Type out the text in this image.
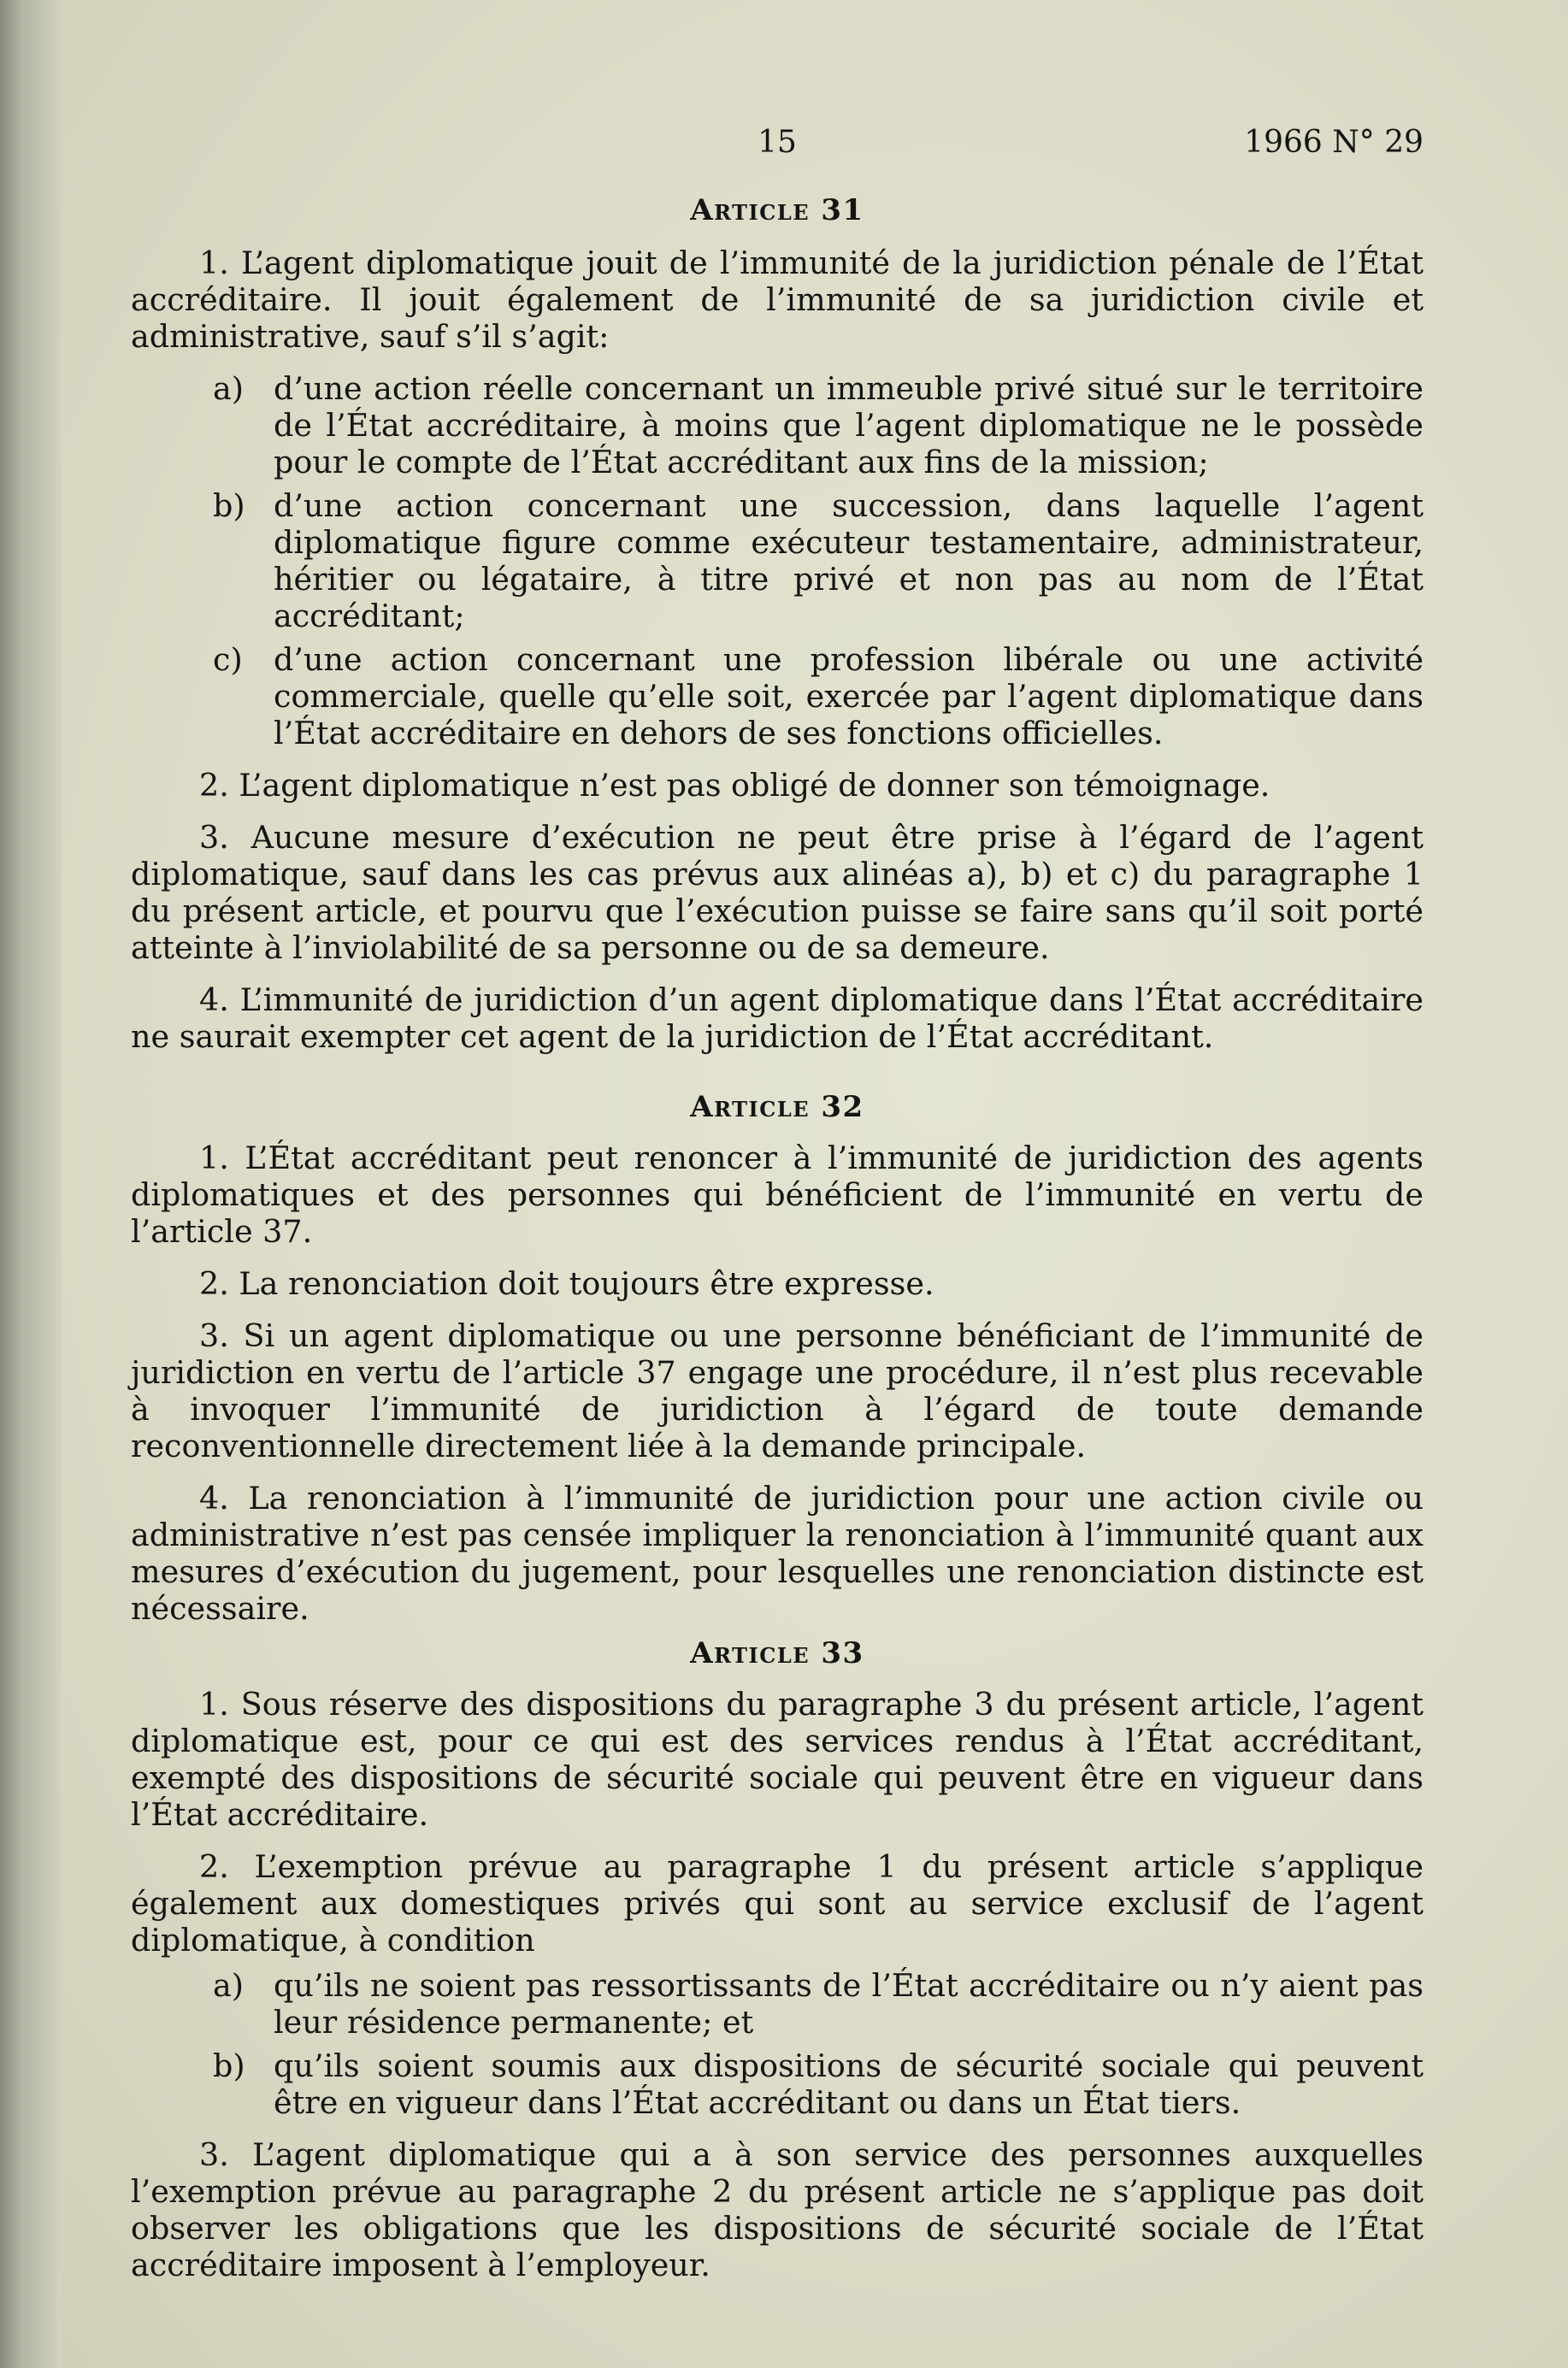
15	1966 N° 29
Article 31

1. L’agent diplomatique jouit de l’immunité de la juridiction pénale de l’État accréditaire. Il jouit également de l’immunité de sa juridiction civile et administrative, sauf s’il s’agit:

a) d’une action réelle concernant un immeuble privé situé sur le territoire de l’État accréditaire, à moins que l’agent diplomatique ne le possède pour le compte de l’État accréditant aux fins de la mission;
b) d’une action concernant une succession, dans laquelle l’agent diplomatique figure comme exécuteur testamentaire, administrateur, héritier ou légataire, à titre privé et non pas au nom de l’État accréditant;
c) d’une action concernant une profession libérale ou une activité commerciale, quelle qu’elle soit, exercée par l’agent diplomatique dans l’État accréditaire en dehors de ses fonctions officielles.

2. L’agent diplomatique n’est pas obligé de donner son témoignage.

3. Aucune mesure d’exécution ne peut être prise à l’égard de l’agent diplomatique, sauf dans les cas prévus aux alinéas a), b) et c) du paragraphe 1 du présent article, et pourvu que l’exécution puisse se faire sans qu’il soit porté atteinte à l’inviolabilité de sa personne ou de sa demeure.

4. L’immunité de juridiction d’un agent diplomatique dans l’État accréditaire ne saurait exempter cet agent de la juridiction de l’État accréditant.

Article 32

1. L’État accréditant peut renoncer à l’immunité de juridiction des agents diplomatiques et des personnes qui bénéficient de l’immunité en vertu de l’article 37.

2. La renonciation doit toujours être expresse.

3. Si un agent diplomatique ou une personne bénéficiant de l’immunité de juridiction en vertu de l’article 37 engage une procédure, il n’est plus recevable à invoquer l’immunité de juridiction à l’égard de toute demande reconventionnelle directement liée à la demande principale.

4. La renonciation à l’immunité de juridiction pour une action civile ou administrative n’est pas censée impliquer la renonciation à l’immunité quant aux mesures d’exécution du jugement, pour lesquelles une renonciation distincte est nécessaire.

Article 33

1. Sous réserve des dispositions du paragraphe 3 du présent article, l’agent diplomatique est, pour ce qui est des services rendus à l’État accréditant, exempté des dispositions de sécurité sociale qui peuvent être en vigueur dans l’État accréditaire.

2. L’exemption prévue au paragraphe 1 du présent article s’applique également aux domestiques privés qui sont au service exclusif de l’agent diplomatique, à condition

a) qu’ils ne soient pas ressortissants de l’État accréditaire ou n’y aient pas leur résidence permanente; et
b) qu’ils soient soumis aux dispositions de sécurité sociale qui peuvent être en vigueur dans l’État accréditant ou dans un État tiers.

3. L’agent diplomatique qui a à son service des personnes auxquelles l’exemption prévue au paragraphe 2 du présent article ne s’applique pas doit observer les obligations que les dispositions de sécurité sociale de l’État accréditaire imposent à l’employeur.
